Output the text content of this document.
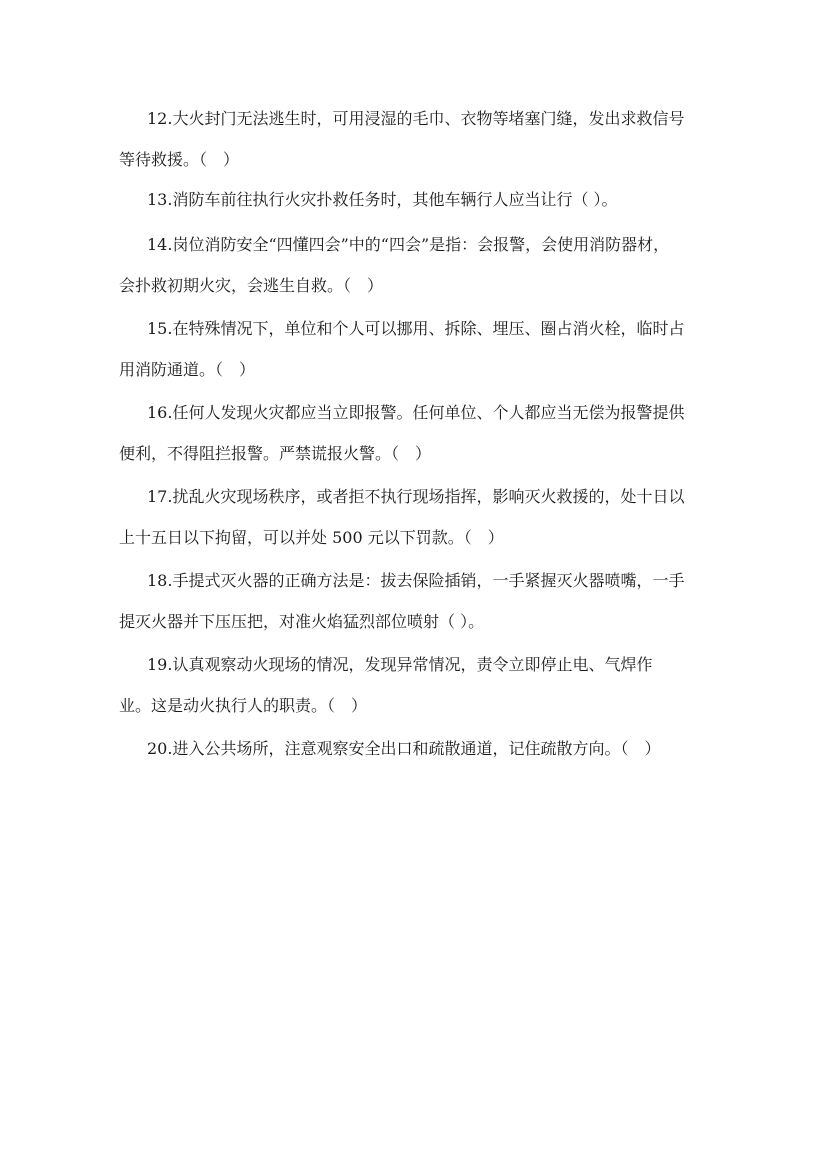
12.大火封门无法逃生时，可用浸湿的毛巾、衣物等堵塞门缝，发出求救信号
等待救援。（　）
13.消防车前往执行火灾扑救任务时，其他车辆行人应当让行（ ）。
14.岗位消防安全“四懂四会”中的“四会”是指：会报警，会使用消防器材，
会扑救初期火灾，会逃生自救。（　）
15.在特殊情况下，单位和个人可以挪用、拆除、埋压、圈占消火栓，临时占
用消防通道。（　）
16.任何人发现火灾都应当立即报警。任何单位、个人都应当无偿为报警提供
便利，不得阻拦报警。严禁谎报火警。（　）
17.扰乱火灾现场秩序，或者拒不执行现场指挥，影响灭火救援的，处十日以
上十五日以下拘留，可以并处 500 元以下罚款。（　）
18.手提式灭火器的正确方法是：拔去保险插销，一手紧握灭火器喷嘴，一手
提灭火器并下压压把，对准火焰猛烈部位喷射（ ）。
19.认真观察动火现场的情况，发现异常情况，责令立即停止电、气焊作
业。这是动火执行人的职责。（　）
20.进入公共场所，注意观察安全出口和疏散通道，记住疏散方向。（　）
